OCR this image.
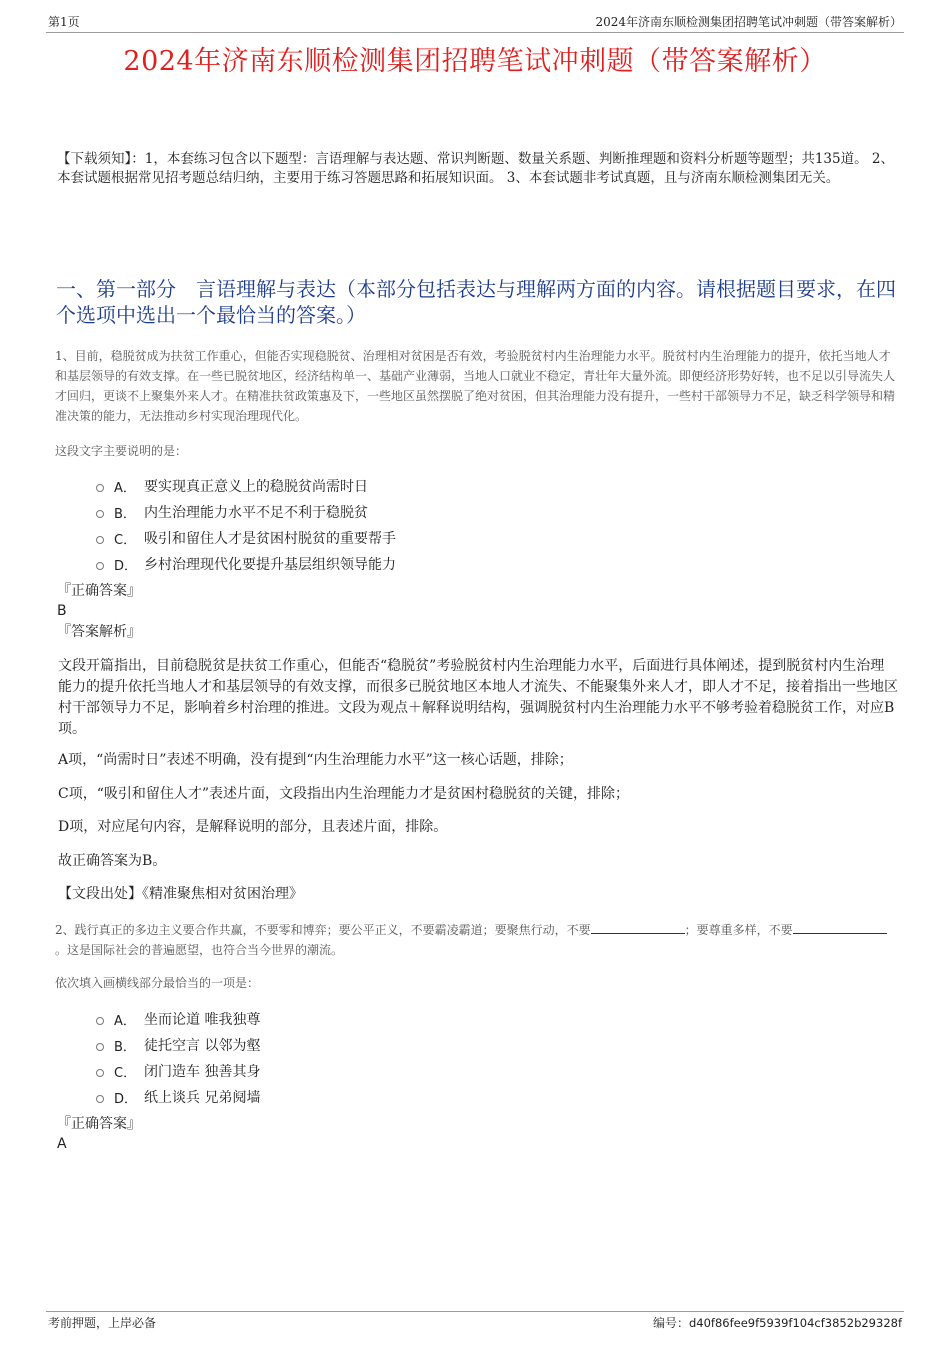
第1页	2024年济南东顺检测集团招聘笔试冲刺题（带答案解析）
2024年济南东顺检测集团招聘笔试冲刺题（带答案解析）
【下载须知】：1，本套练习包含以下题型：言语理解与表达题、常识判断题、数量关系题、判断推理题和资料分析题等题型；共135道。 2、本套试题根据常见招考题总结归纳，主要用于练习答题思路和拓展知识面。 3、本套试题非考试真题，且与济南东顺检测集团无关。
一、第一部分　言语理解与表达（本部分包括表达与理解两方面的内容。请根据题目要求，在四个选项中选出一个最恰当的答案。）
1、目前，稳脱贫成为扶贫工作重心，但能否实现稳脱贫、治理相对贫困是否有效，考验脱贫村内生治理能力水平。脱贫村内生治理能力的提升，依托当地人才和基层领导的有效支撑。在一些已脱贫地区，经济结构单一、基础产业薄弱，当地人口就业不稳定，青壮年大量外流。即便经济形势好转，也不足以引导流失人才回归，更谈不上聚集外来人才。在精准扶贫政策惠及下，一些地区虽然摆脱了绝对贫困，但其治理能力没有提升，一些村干部领导力不足，缺乏科学领导和精准决策的能力，无法推动乡村实现治理现代化。
这段文字主要说明的是：
A． 要实现真正意义上的稳脱贫尚需时日
B． 内生治理能力水平不足不利于稳脱贫
C． 吸引和留住人才是贫困村脱贫的重要帮手
D． 乡村治理现代化要提升基层组织领导能力
『正确答案』
B
『答案解析』
文段开篇指出，目前稳脱贫是扶贫工作重心，但能否“稳脱贫”考验脱贫村内生治理能力水平，后面进行具体阐述，提到脱贫村内生治理能力的提升依托当地人才和基层领导的有效支撑，而很多已脱贫地区本地人才流失、不能聚集外来人才，即人才不足，接着指出一些地区村干部领导力不足，影响着乡村治理的推进。文段为观点＋解释说明结构，强调脱贫村内生治理能力水平不够考验着稳脱贫工作，对应B项。
A项，“尚需时日”表述不明确，没有提到“内生治理能力水平”这一核心话题，排除；
C项，“吸引和留住人才”表述片面，文段指出内生治理能力才是贫困村稳脱贫的关键，排除；
D项，对应尾句内容，是解释说明的部分，且表述片面，排除。
故正确答案为B。
【文段出处】《精准聚焦相对贫困治理》
2、践行真正的多边主义要合作共赢，不要零和博弈；要公平正义，不要霸凌霸道；要聚焦行动，不要	；要尊重多样，不要。这是国际社会的普遍愿望，也符合当今世界的潮流。
依次填入画横线部分最恰当的一项是：
A． 坐而论道 唯我独尊
B． 徒托空言 以邻为壑
C． 闭门造车 独善其身
D． 纸上谈兵 兄弟阋墙
『正确答案』
A
考前押题，上岸必备	编号：d40f86fee9f5939f104cf3852b29328f
